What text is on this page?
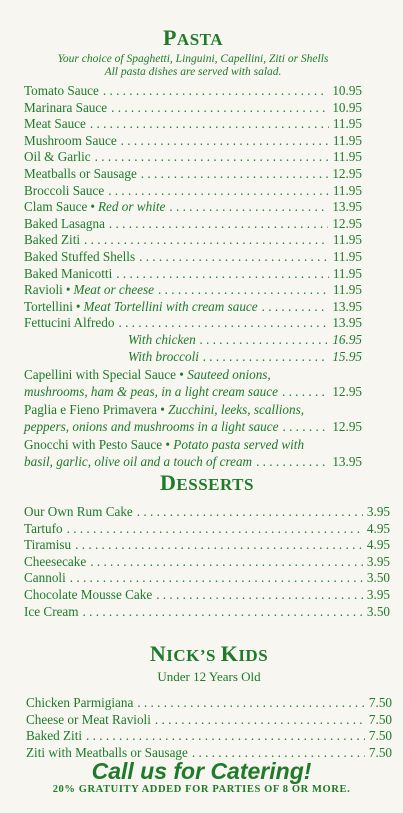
PASTA

Your choice of Spaghetti, Linguini, Capellini, Ziti or Shells

All pasta dishes are served with salad.

Tomato Sauce . . .	10.95
Marinara Sauce . . .	10.95
Meat Sauce . . .	11.95
Mushroom Sauce . . .	11.95
Oil & Garlic . . .	11.95
Meatballs or Sausage . . .	12.95
Broccoli Sauce . . .	11.95
Clam Sauce • Red or white . . .	13.95
Baked Lasagna . . .	12.95
Baked Ziti . . .	11.95
Baked Stuffed Shells . . .	11.95
Baked Manicotti . . .	11.95
Ravioli • Meat or cheese . . .	11.95
Tortellini • Meat Tortellini with cream sauce . . .	13.95
Fettucini Alfredo . . .	13.95
With chicken . . .	16.95
With broccoli . . .	15.95
Capellini with Special Sauce • Sauteed onions,
mushrooms, ham & peas, in a light cream sauce . . .	12.95
Paglia e Fieno Primavera • Zucchini, leeks, scallions,
peppers, onions and mushrooms in a light sauce . . .	12.95
Gnocchi with Pesto Sauce • Potato pasta served with
basil, garlic, olive oil and a touch of cream . . .	13.95
DESSERTS
Our Own Rum Cake . . .	3.95
Tartufo . . .	4.95
Tiramisu . . .	4.95
Cheesecake . . .	3.95
Cannoli . . .	3.50
Chocolate Mousse Cake . . .	3.95
Ice Cream . . .	3.50
NICK’S KIDS

Under 12 Years Old

Chicken Parmigiana . . .	7.50
Cheese or Meat Ravioli . . .	7.50
Baked Ziti . . .	7.50
Ziti with Meatballs or Sausage . . .	7.50

Call us for Catering!

20% GRATUITY ADDED FOR PARTIES OF 8 OR MORE.
